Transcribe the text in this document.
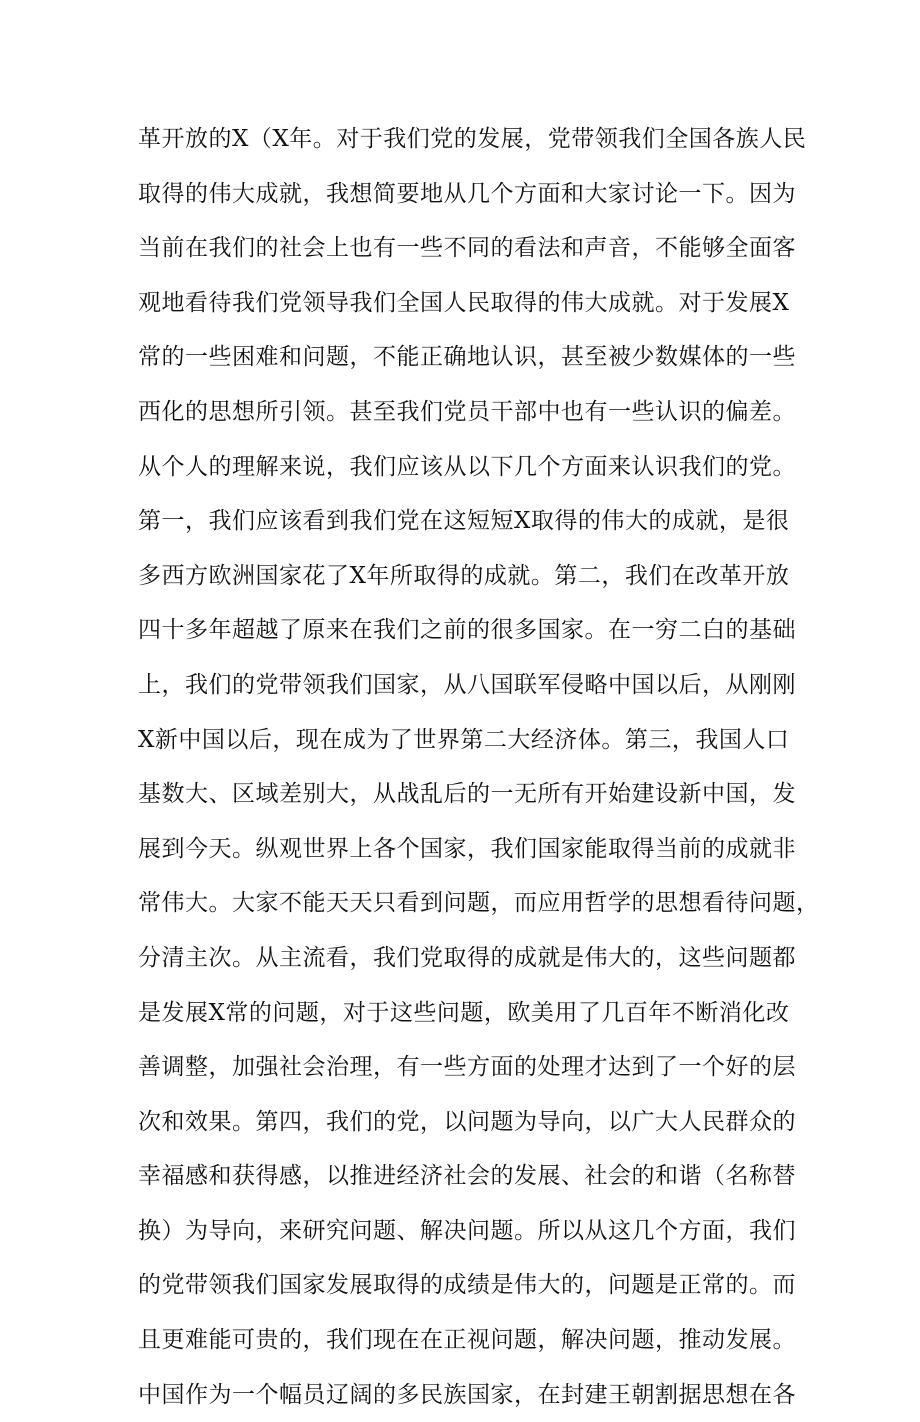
革开放的X（X年。对于我们党的发展，党带领我们全国各族人民
取得的伟大成就，我想简要地从几个方面和大家讨论一下。因为
当前在我们的社会上也有一些不同的看法和声音，不能够全面客
观地看待我们党领导我们全国人民取得的伟大成就。对于发展X
常的一些困难和问题，不能正确地认识，甚至被少数媒体的一些
西化的思想所引领。甚至我们党员干部中也有一些认识的偏差。
从个人的理解来说，我们应该从以下几个方面来认识我们的党。
第一，我们应该看到我们党在这短短X取得的伟大的成就，是很
多西方欧洲国家花了X年所取得的成就。第二，我们在改革开放
四十多年超越了原来在我们之前的很多国家。在一穷二白的基础
上，我们的党带领我们国家，从八国联军侵略中国以后，从刚刚
X新中国以后，现在成为了世界第二大经济体。第三，我国人口
基数大、区域差别大，从战乱后的一无所有开始建设新中国，发
展到今天。纵观世界上各个国家，我们国家能取得当前的成就非
常伟大。大家不能天天只看到问题，而应用哲学的思想看待问题，
分清主次。从主流看，我们党取得的成就是伟大的，这些问题都
是发展X常的问题，对于这些问题，欧美用了几百年不断消化改
善调整，加强社会治理，有一些方面的处理才达到了一个好的层
次和效果。第四，我们的党，以问题为导向，以广大人民群众的
幸福感和获得感，以推进经济社会的发展、社会的和谐（名称替
换）为导向，来研究问题、解决问题。所以从这几个方面，我们
的党带领我们国家发展取得的成绩是伟大的，问题是正常的。而
且更难能可贵的，我们现在在正视问题，解决问题，推动发展。
中国作为一个幅员辽阔的多民族国家，在封建王朝割据思想在各
